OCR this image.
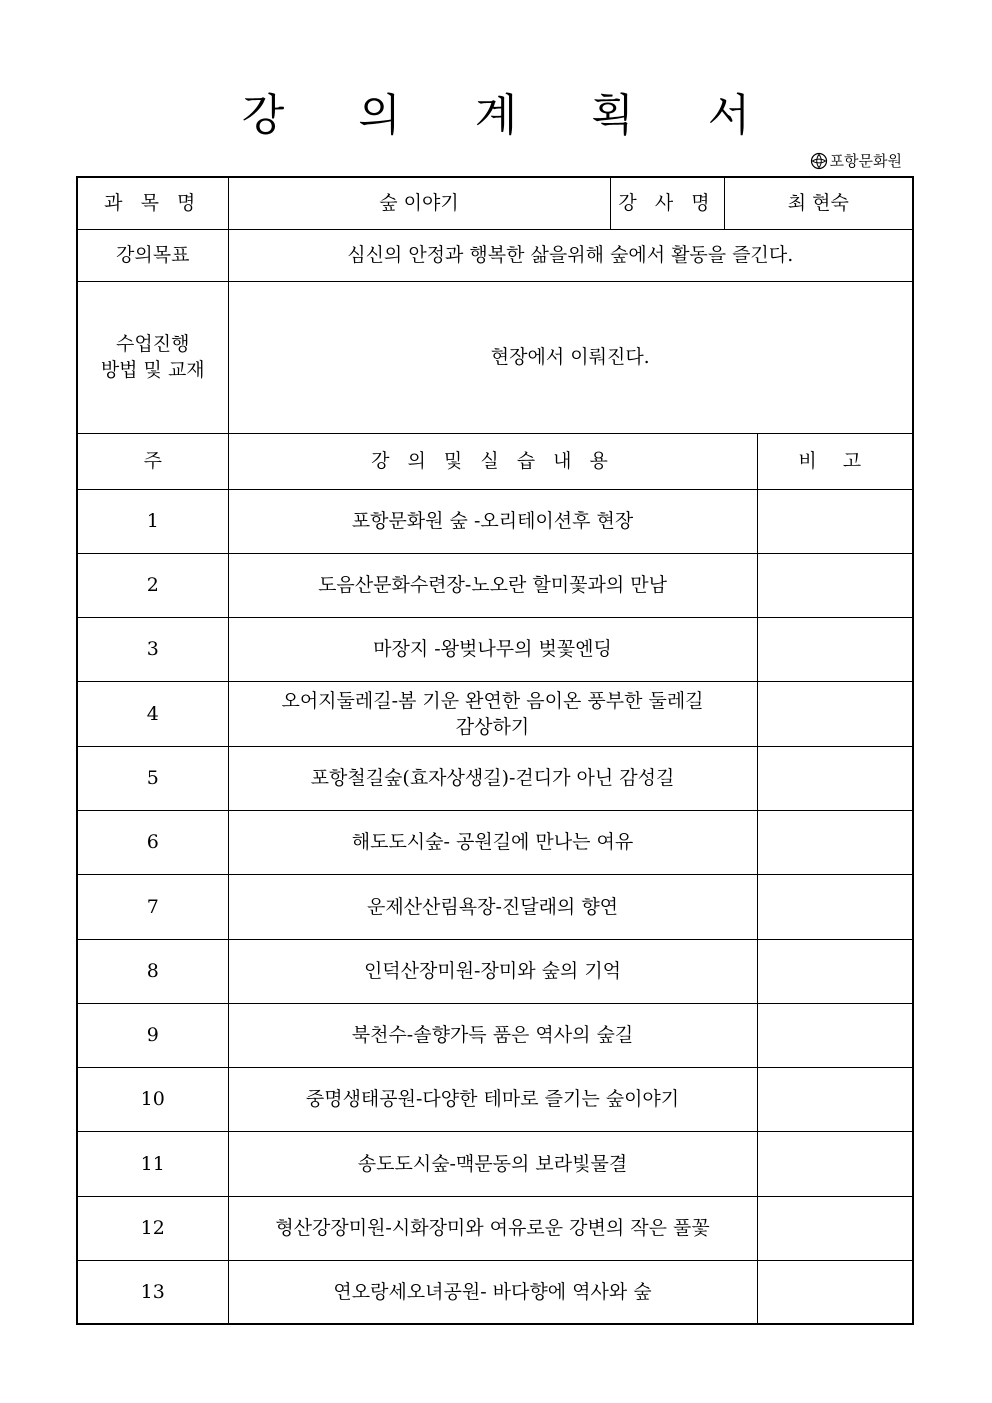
강 의 계 획 서
포항문화원
과 목 명	숲 이야기	강 사 명	최 현숙	
강의목표	심신의 안정과 행복한 삶을위해 숲에서 활동을 즐긴다.			

수업진행
방법 및 교재	현장에서 이뤄진다.			
주	강 의 및 실 습 내 용			비 고
1	포항문화원 숲 -오리테이션후 현장			
2	도음산문화수련장-노오란 할미꽃과의 만남			
3	마장지 -왕벚나무의 벚꽃엔딩			
4	오어지둘레길-봄 기운 완연한 음이온 풍부한 둘레길
감상하기			

5	포항철길숲(효자상생길)-걷디가 아닌 감성길			
6	해도도시숲- 공원길에 만나는 여유			
7	운제산산림욕장-진달래의 향연			
8	인덕산장미원-장미와 숲의 기억			
9	북천수-솔향가득 품은 역사의 숲길			
10	중명생태공원-다양한 테마로 즐기는 숲이야기			
11	송도도시숲-맥문동의 보라빛물결			
12	형산강장미원-시화장미와 여유로운 강변의 작은 풀꽃			
13	연오랑세오녀공원- 바다향에 역사와 숲			
